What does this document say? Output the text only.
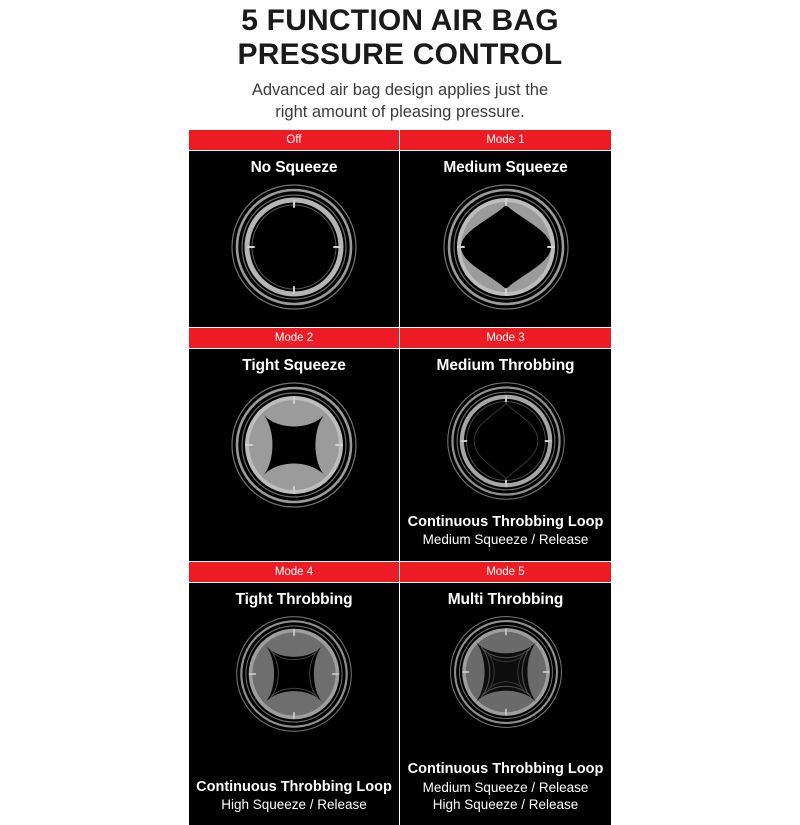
5 FUNCTION AIR BAG
PRESSURE CONTROL

Advanced air bag design applies just the
right amount of pleasing pressure.

Off	Mode 1
No Squeeze	Medium Squeeze
Mode 2	Mode 3
Tight Squeeze	Medium Throbbing
Continuous Throbbing Loop
Medium Squeeze / Release
Mode 4	Mode 5
Tight Throbbing
Continuous Throbbing Loop
High Squeeze / Release
Multi Throbbing
Continuous Throbbing Loop
Medium Squeeze / Release
High Squeeze / Release
